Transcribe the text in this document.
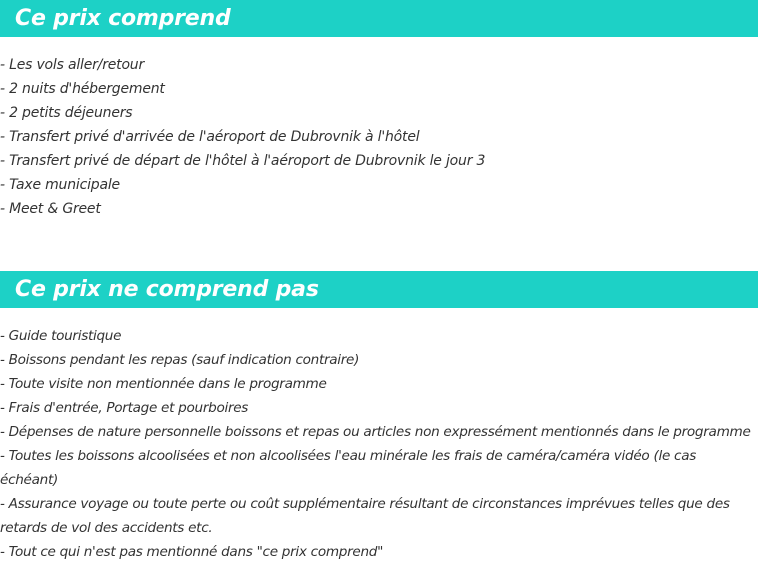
Ce prix comprend
- Les vols aller/retour
- 2 nuits d'hébergement
- 2 petits déjeuners
- Transfert privé d'arrivée de l'aéroport de Dubrovnik à l'hôtel
- Transfert privé de départ de l'hôtel à l'aéroport de Dubrovnik le jour 3
- Taxe municipale
- Meet & Greet
Ce prix ne comprend pas
- Guide touristique
- Boissons pendant les repas (sauf indication contraire)
- Toute visite non mentionnée dans le programme
- Frais d'entrée, Portage et pourboires
- Dépenses de nature personnelle boissons et repas ou articles non expressément mentionnés dans le programme
- Toutes les boissons alcoolisées et non alcoolisées l'eau minérale les frais de caméra/caméra vidéo (le cas échéant)
- Assurance voyage ou toute perte ou coût supplémentaire résultant de circonstances imprévues telles que des retards de vol des accidents etc.
- Tout ce qui n'est pas mentionné dans "ce prix comprend"
